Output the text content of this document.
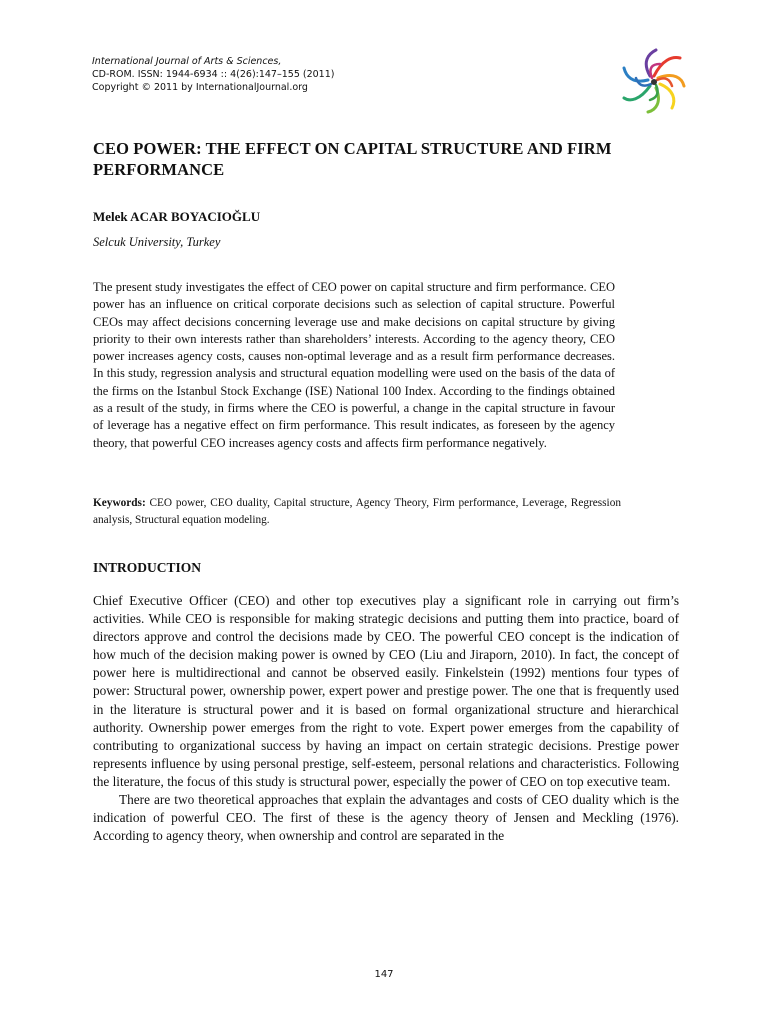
International Journal of Arts & Sciences,
CD-ROM. ISSN: 1944-6934 :: 4(26):147–155 (2011)
Copyright © 2011 by InternationalJournal.org
CEO POWER: THE EFFECT ON CAPITAL STRUCTURE AND FIRM PERFORMANCE
Melek ACAR BOYACIOĞLU
Selcuk University, Turkey

The present study investigates the effect of CEO power on capital structure and firm performance. CEO power has an influence on critical corporate decisions such as selection of capital structure. Powerful CEOs may affect decisions concerning leverage use and make decisions on capital structure by giving priority to their own interests rather than shareholders’ interests. According to the agency theory, CEO power increases agency costs, causes non-optimal leverage and as a result firm performance decreases. In this study, regression analysis and structural equation modelling were used on the basis of the data of the firms on the Istanbul Stock Exchange (ISE) National 100 Index. According to the findings obtained as a result of the study, in firms where the CEO is powerful, a change in the capital structure in favour of leverage has a negative effect on firm performance. This result indicates, as foreseen by the agency theory, that powerful CEO increases agency costs and affects firm performance negatively.

Keywords: CEO power, CEO duality, Capital structure, Agency Theory, Firm performance, Leverage, Regression analysis, Structural equation modeling.

INTRODUCTION

Chief Executive Officer (CEO) and other top executives play a significant role in carrying out firm’s activities. While CEO is responsible for making strategic decisions and putting them into practice, board of directors approve and control the decisions made by CEO. The powerful CEO concept is the indication of how much of the decision making power is owned by CEO (Liu and Jiraporn, 2010). In fact, the concept of power here is multidirectional and cannot be observed easily. Finkelstein (1992) mentions four types of power: Structural power, ownership power, expert power and prestige power. The one that is frequently used in the literature is structural power and it is based on formal organizational structure and hierarchical authority. Ownership power emerges from the right to vote. Expert power emerges from the capability of contributing to organizational success by having an impact on certain strategic decisions. Prestige power represents influence by using personal prestige, self-esteem, personal relations and characteristics. Following the literature, the focus of this study is structural power, especially the power of CEO on top executive team.

There are two theoretical approaches that explain the advantages and costs of CEO duality which is the indication of powerful CEO. The first of these is the agency theory of Jensen and Meckling (1976). According to agency theory, when ownership and control are separated in the

147
